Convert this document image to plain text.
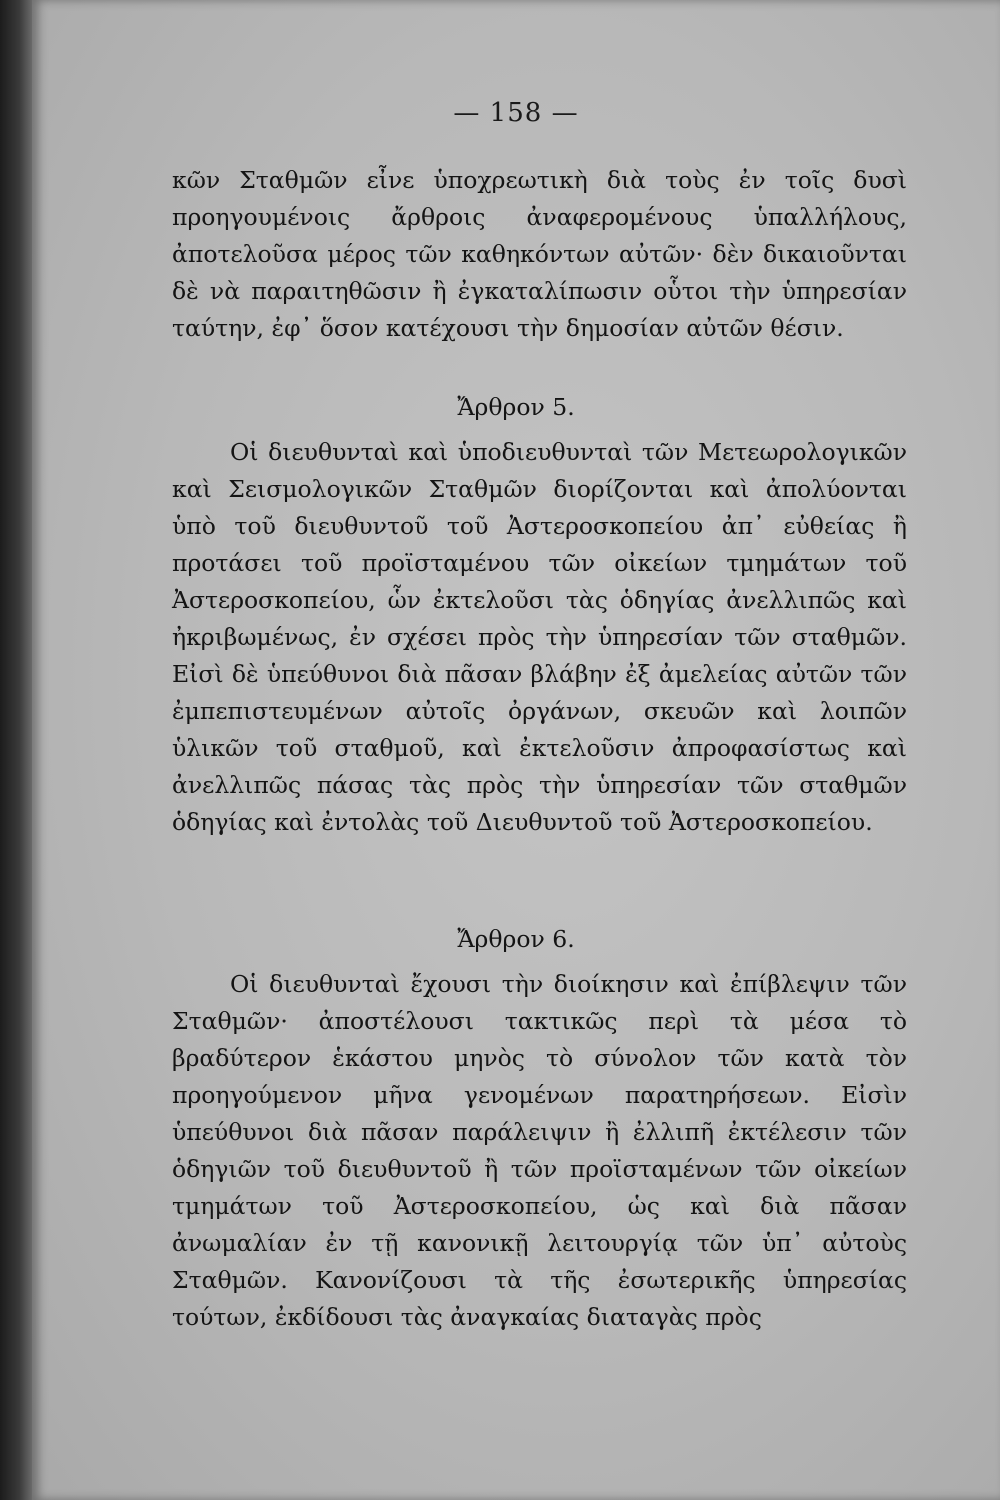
— 158 —

κῶν Σταθμῶν εἶνε ὑποχρεωτικὴ διὰ τοὺς ἐν τοῖς δυσὶ προηγουμένοις ἄρθροις ἀναφερομένους ὑπαλλήλους, ἀποτελοῦσα μέρος τῶν καθηκόντων αὐτῶν· δὲν δικαιοῦνται δὲ νὰ παραιτηθῶσιν ἢ ἐγκαταλίπωσιν οὗτοι τὴν ὑπηρεσίαν ταύτην, ἐφ᾽ ὅσον κατέχουσι τὴν δημοσίαν αὐτῶν θέσιν.

Ἄρθρον 5.

Οἱ διευθυνταὶ καὶ ὑποδιευθυνταὶ τῶν Μετεωρολογικῶν καὶ Σεισμολογικῶν Σταθμῶν διορίζονται καὶ ἀπολύονται ὑπὸ τοῦ διευθυντοῦ τοῦ Ἀστεροσκοπείου ἀπ᾽ εὐθείας ἢ προτάσει τοῦ προϊσταμένου τῶν οἰκείων τμημάτων τοῦ Ἀστεροσκοπείου, ὧν ἐκτελοῦσι τὰς ὁδηγίας ἀνελλιπῶς καὶ ἠκριβωμένως, ἐν σχέσει πρὸς τὴν ὑπηρεσίαν τῶν σταθμῶν. Εἰσὶ δὲ ὑπεύθυνοι διὰ πᾶσαν βλάβην ἐξ ἀμελείας αὐτῶν τῶν ἐμπεπιστευμένων αὐτοῖς ὀργάνων, σκευῶν καὶ λοιπῶν ὑλικῶν τοῦ σταθμοῦ, καὶ ἐκτελοῦσιν ἀπροφασίστως καὶ ἀνελλιπῶς πάσας τὰς πρὸς τὴν ὑπηρεσίαν τῶν σταθμῶν ὁδηγίας καὶ ἐντολὰς τοῦ Διευθυντοῦ τοῦ Ἀστεροσκοπείου.

Ἄρθρον 6.

Οἱ διευθυνταὶ ἔχουσι τὴν διοίκησιν καὶ ἐπίβλεψιν τῶν Σταθμῶν· ἀποστέλουσι τακτικῶς περὶ τὰ μέσα τὸ βραδύτερον ἑκάστου μηνὸς τὸ σύνολον τῶν κατὰ τὸν προηγούμενον μῆνα γενομένων παρατηρήσεων. Εἰσὶν ὑπεύθυνοι διὰ πᾶσαν παράλειψιν ἢ ἐλλιπῆ ἐκτέλεσιν τῶν ὁδηγιῶν τοῦ διευθυντοῦ ἢ τῶν προϊσταμένων τῶν οἰκείων τμημάτων τοῦ Ἀστεροσκοπείου, ὡς καὶ διὰ πᾶσαν ἀνωμαλίαν ἐν τῇ κανονικῇ λειτουργίᾳ τῶν ὑπ᾽ αὐτοὺς Σταθμῶν. Κανονίζουσι τὰ τῆς ἐσωτερικῆς ὑπηρεσίας τούτων, ἐκδίδουσι τὰς ἀναγκαίας διαταγὰς πρὸς
